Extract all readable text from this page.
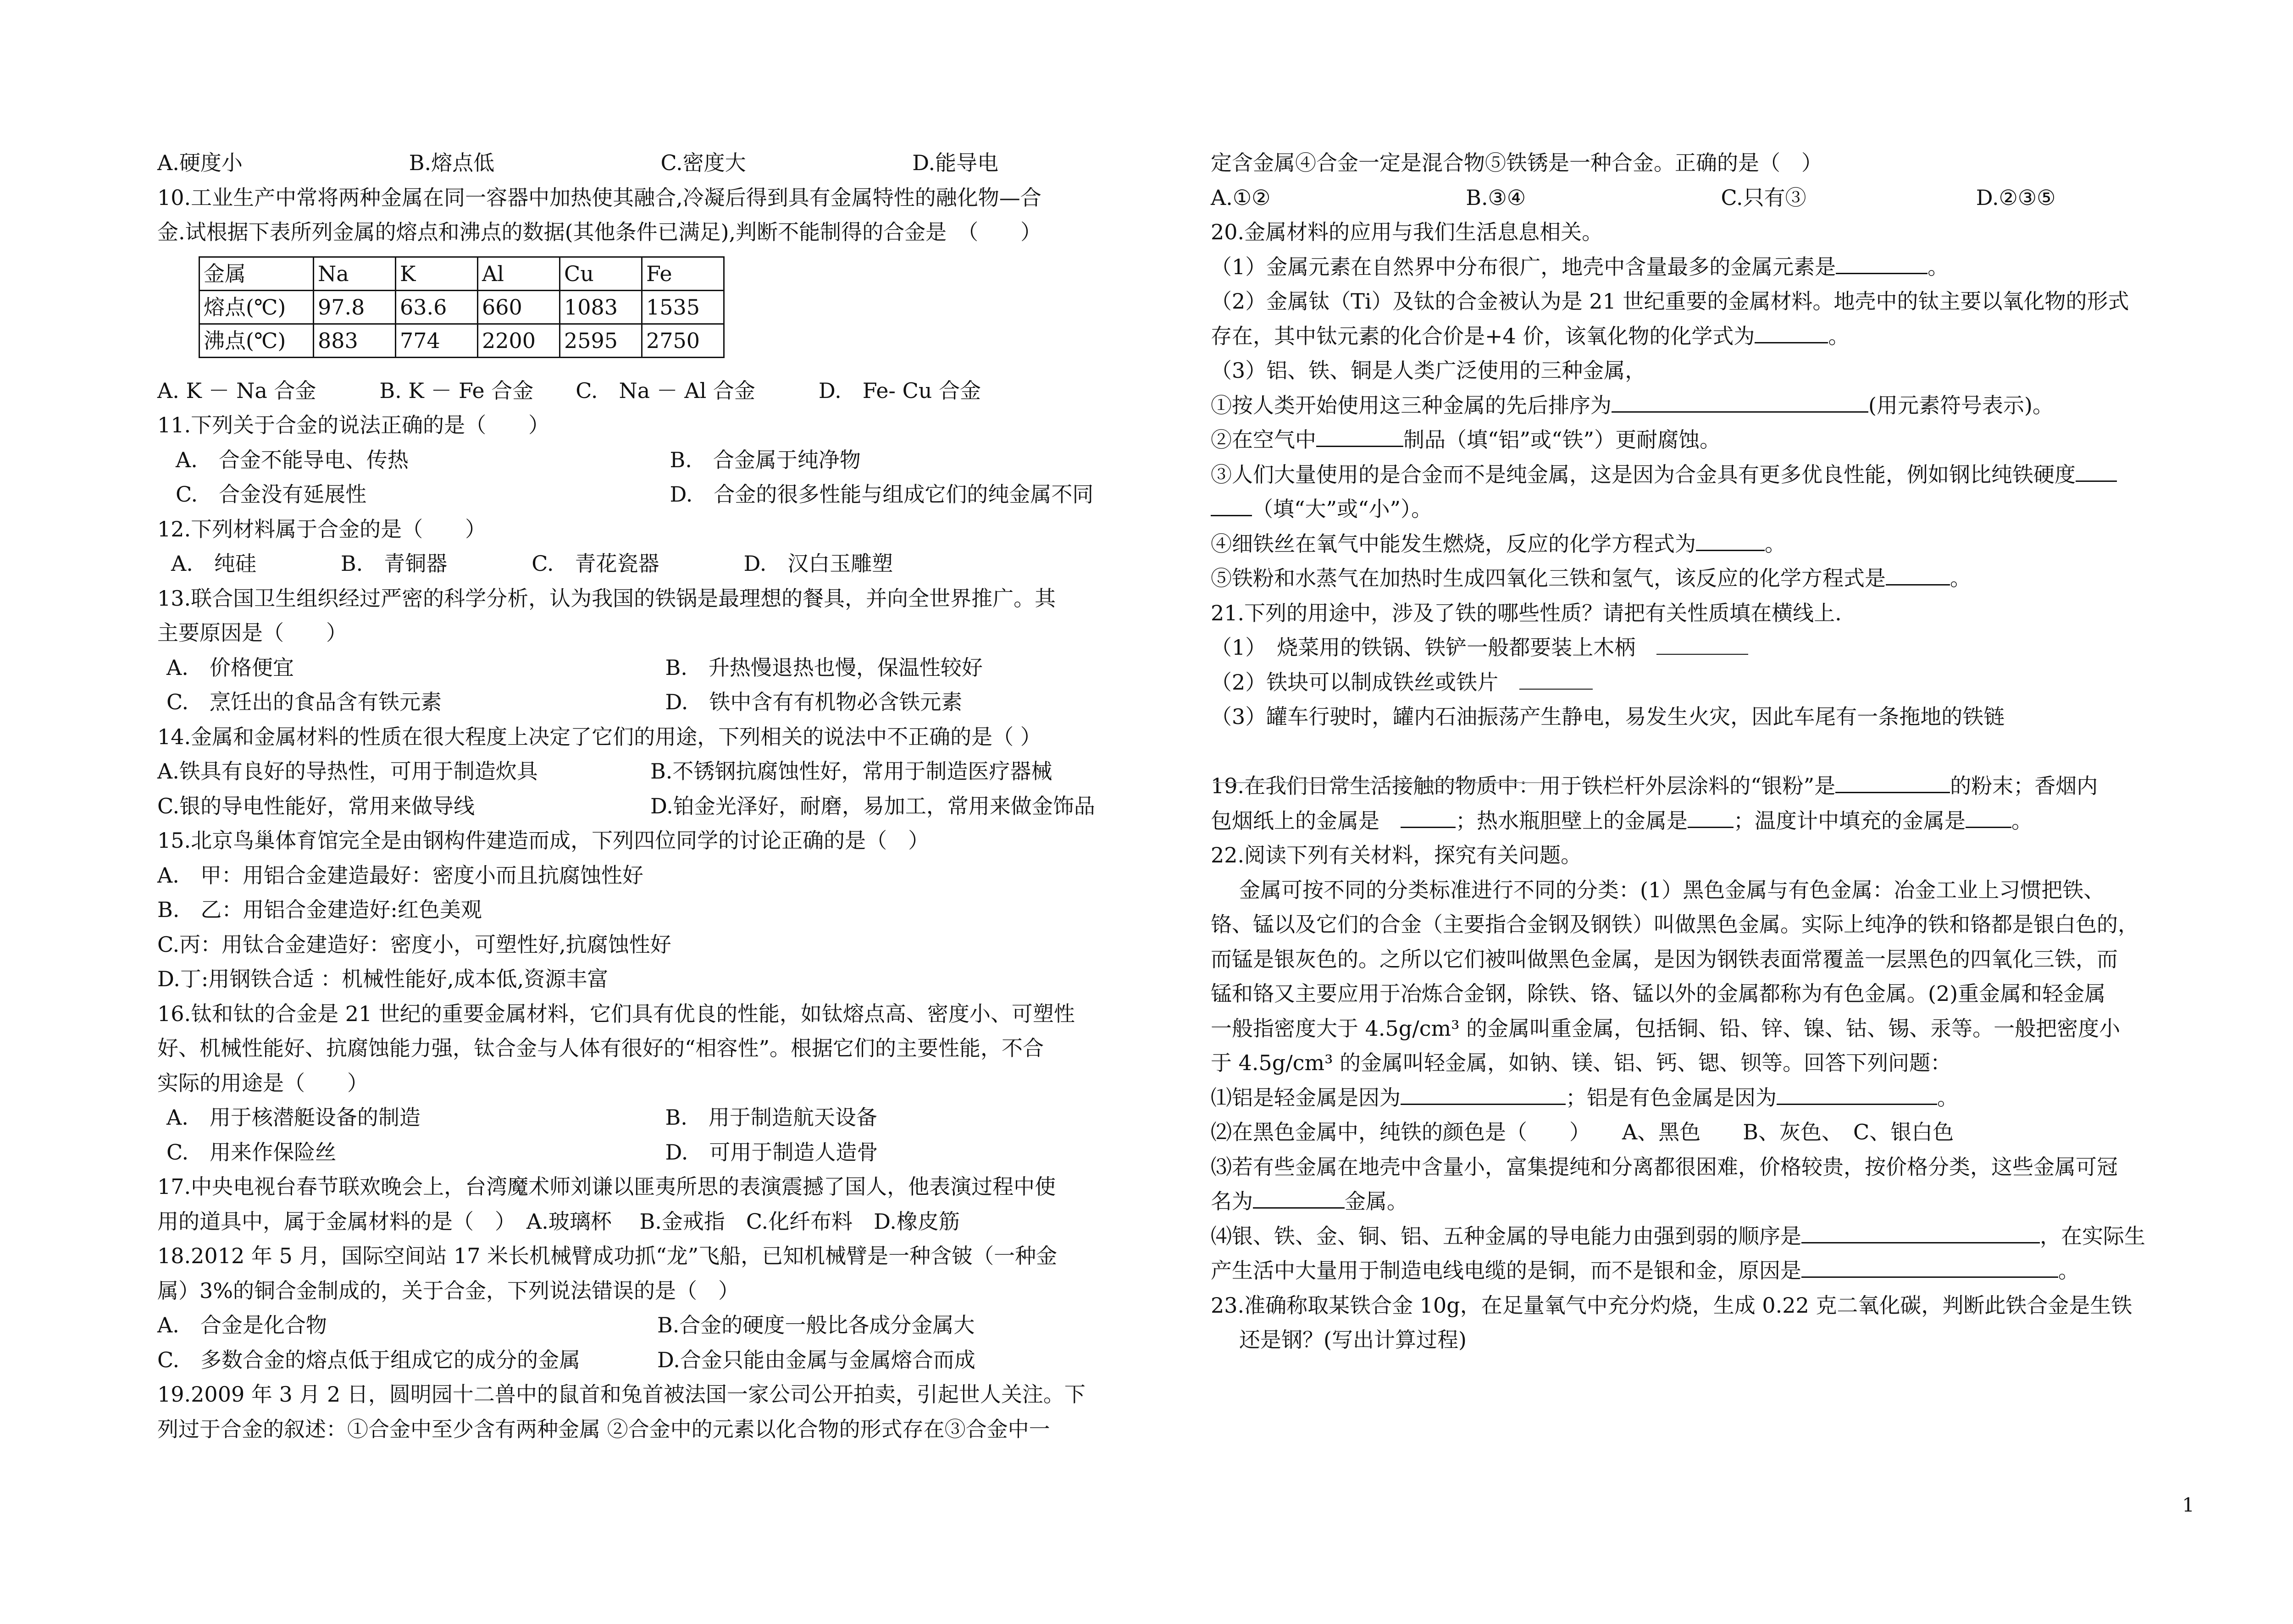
A.硬度小	B.熔点低	C.密度大	D.能导电
10.工业生产中常将两种金属在同一容器中加热使其融合,冷凝后得到具有金属特性的融化物—合
金.试根据下表所列金属的熔点和沸点的数据(其他条件已满足),判断不能制得的合金是　（　　）
金属	Na	K	Al	Cu	Fe
熔点(℃)	97.8	63.6	660	1083	1535
沸点(℃)	883	774	2200	2595	2750
A. K － Na 合金　　　B. K － Fe 合金　　C.　Na － Al 合金　　　D.　Fe- Cu 合金
11.下列关于合金的说法正确的是（　　）
A.　合金不能导电、传热	B.　合金属于纯净物
C.　合金没有延展性	D.　合金的很多性能与组成它们的纯金属不同
12.下列材料属于合金的是（　　）
A.　纯硅　　　　B.　青铜器　　　　C.　青花瓷器　　　　D.　汉白玉雕塑
13.联合国卫生组织经过严密的科学分析，认为我国的铁锅是最理想的餐具，并向全世界推广。其
主要原因是（　　）
A.　价格便宜	B.　升热慢退热也慢，保温性较好
C.　烹饪出的食品含有铁元素	D.　铁中含有有机物必含铁元素
14.金属和金属材料的性质在很大程度上决定了它们的用途，下列相关的说法中不正确的是（ ）
A.铁具有良好的导热性，可用于制造炊具	B.不锈钢抗腐蚀性好，常用于制造医疗器械
C.银的导电性能好，常用来做导线	D.铂金光泽好，耐磨，易加工，常用来做金饰品
15.北京鸟巢体育馆完全是由钢构件建造而成，下列四位同学的讨论正确的是（　）
A.　甲：用铝合金建造最好：密度小而且抗腐蚀性好
B.　乙：用铝合金建造好:红色美观
C.丙：用钛合金建造好：密度小，可塑性好,抗腐蚀性好
D.丁:用钢铁合适 ：机械性能好,成本低,资源丰富
16.钛和钛的合金是 21 世纪的重要金属材料，它们具有优良的性能，如钛熔点高、密度小、可塑性
好、机械性能好、抗腐蚀能力强，钛合金与人体有很好的“相容性”。根据它们的主要性能，不合
实际的用途是（　　）
A.　用于核潜艇设备的制造	B.　用于制造航天设备
C.　用来作保险丝	D.　可用于制造人造骨
17.中央电视台春节联欢晚会上，台湾魔术师刘谦以匪夷所思的表演震撼了国人，他表演过程中使
用的道具中，属于金属材料的是（　）　A.玻璃杯　 B.金戒指　C.化纤布料　D.橡皮筋
18.2012 年 5 月，国际空间站 17 米长机械臂成功抓“龙”飞船，已知机械臂是一种含铍（一种金
属）3%的铜合金制成的，关于合金，下列说法错误的是（　）
A.　合金是化合物	B.合金的硬度一般比各成分金属大
C.　多数合金的熔点低于组成它的成分的金属	D.合金只能由金属与金属熔合而成
19.2009 年 3 月 2 日，圆明园十二兽中的鼠首和兔首被法国一家公司公开拍卖，引起世人关注。下
列过于合金的叙述：①合金中至少含有两种金属 ②合金中的元素以化合物的形式存在③合金中一
定含金属④合金一定是混合物⑤铁锈是一种合金。正确的是（　）
A.①②	B.③④	C.只有③	D.②③⑤
20.金属材料的应用与我们生活息息相关。
（1）金属元素在自然界中分布很广，地壳中含量最多的金属元素是	。
（2）金属钛（Ti）及钛的合金被认为是 21 世纪重要的金属材料。地壳中的钛主要以氧化物的形式
存在，其中钛元素的化合价是+4 价，该氧化物的化学式为	。
（3）铝、铁、铜是人类广泛使用的三种金属，
①按人类开始使用这三种金属的先后排序为	(用元素符号表示)。
②在空气中	制品（填“铝”或“铁”）更耐腐蚀。
③人们大量使用的是合金而不是纯金属，这是因为合金具有更多优良性能，例如钢比纯铁硬度
（填“大”或“小”）。
④细铁丝在氧气中能发生燃烧，反应的化学方程式为	。
⑤铁粉和水蒸气在加热时生成四氧化三铁和氢气，该反应的化学方程式是	。
21.下列的用途中，涉及了铁的哪些性质？请把有关性质填在横线上.
（1）　烧菜用的铁锅、铁铲一般都要装上木柄　
（2）铁块可以制成铁丝或铁片　
（3）罐车行驶时，罐内石油振荡产生静电，易发生火灾，因此车尾有一条拖地的铁链
19.在我们日常生活接触的物质中：用于铁栏杆外层涂料的“银粉”是	的粉末；香烟内
包烟纸上的金属是　	；热水瓶胆壁上的金属是 ；温度计中填充的金属是 。
22.阅读下列有关材料，探究有关问题。
金属可按不同的分类标准进行不同的分类：(1）黑色金属与有色金属：冶金工业上习惯把铁、
铬、锰以及它们的合金（主要指合金钢及钢铁）叫做黑色金属。实际上纯净的铁和铬都是银白色的，
而锰是银灰色的。之所以它们被叫做黑色金属，是因为钢铁表面常覆盖一层黑色的四氧化三铁，而
锰和铬又主要应用于冶炼合金钢，除铁、铬、锰以外的金属都称为有色金属。(2)重金属和轻金属
一般指密度大于 4.5g/cm³ 的金属叫重金属，包括铜、铅、锌、镍、钴、锡、汞等。一般把密度小
于 4.5g/cm³ 的金属叫轻金属，如钠、镁、铝、钙、锶、钡等。回答下列问题：
⑴铝是轻金属是因为	；铝是有色金属是因为	。
⑵在黑色金属中，纯铁的颜色是（　　）　　A、黑色　　B、灰色、　C、银白色
⑶若有些金属在地壳中含量小，富集提纯和分离都很困难，价格较贵，按价格分类，这些金属可冠
名为	金属。
⑷银、铁、金、铜、铝、五种金属的导电能力由强到弱的顺序是	，在实际生
产生活中大量用于制造电线电缆的是铜，而不是银和金，原因是	。
23.准确称取某铁合金 10g，在足量氧气中充分灼烧，生成 0.22 克二氧化碳，判断此铁合金是生铁
还是钢？(写出计算过程)
1
